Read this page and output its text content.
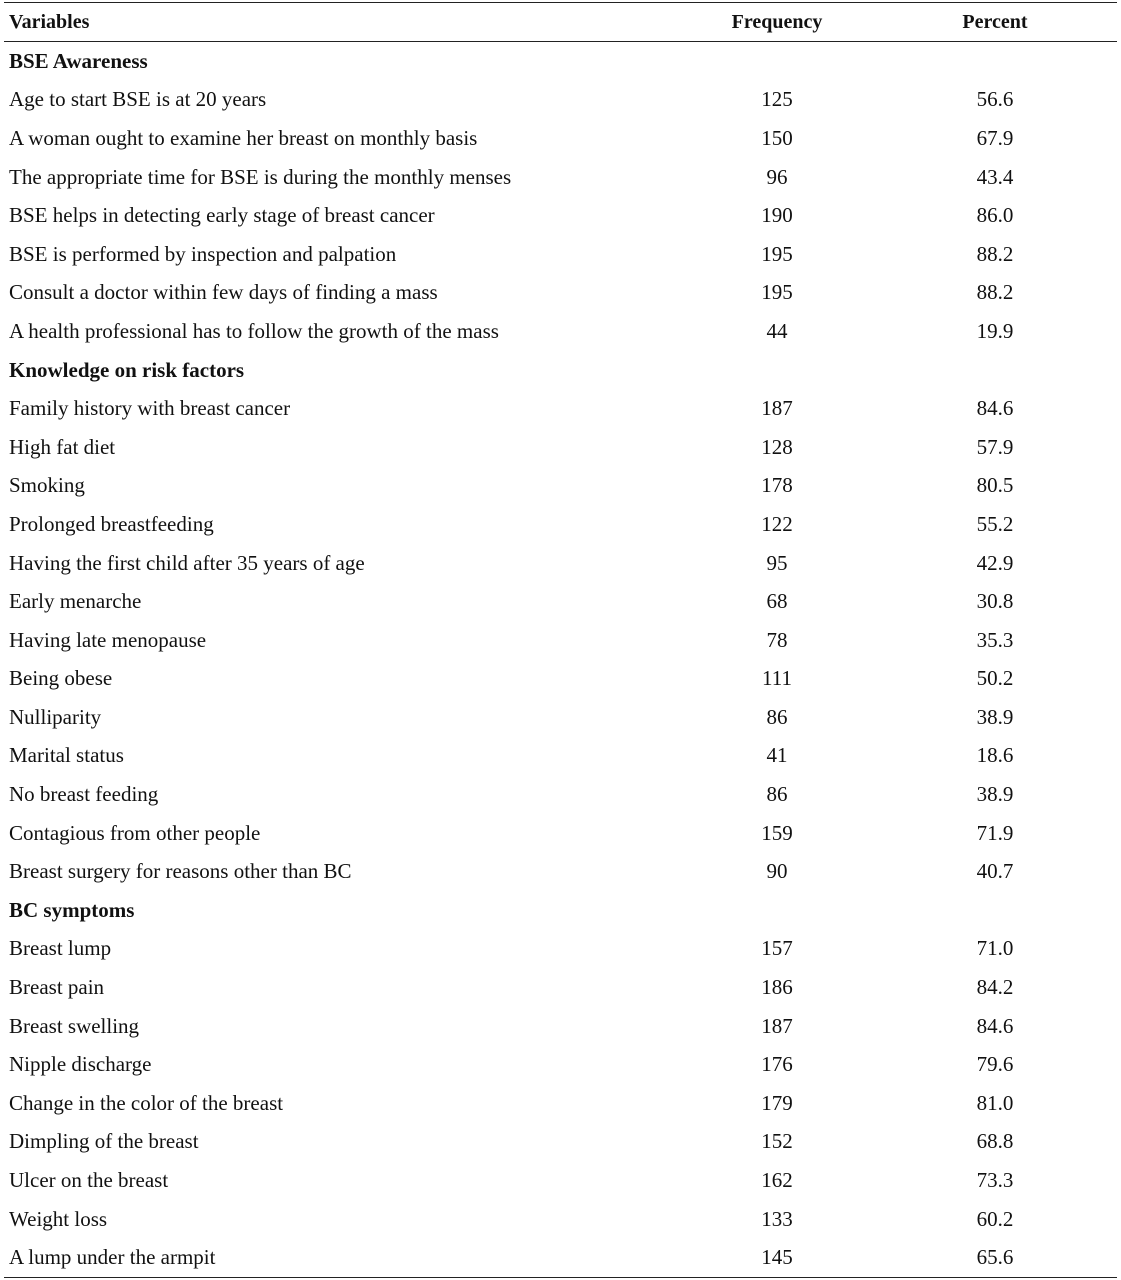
Variables	Frequency	Percent
BSE Awareness
Age to start BSE is at 20 years	125	56.6
A woman ought to examine her breast on monthly basis	150	67.9
The appropriate time for BSE is during the monthly menses	96	43.4
BSE helps in detecting early stage of breast cancer	190	86.0
BSE is performed by inspection and palpation	195	88.2
Consult a doctor within few days of finding a mass	195	88.2
A health professional has to follow the growth of the mass	44	19.9
Knowledge on risk factors
Family history with breast cancer	187	84.6
High fat diet	128	57.9
Smoking	178	80.5
Prolonged breastfeeding	122	55.2
Having the first child after 35 years of age	95	42.9
Early menarche	68	30.8
Having late menopause	78	35.3
Being obese	111	50.2
Nulliparity	86	38.9
Marital status	41	18.6
No breast feeding	86	38.9
Contagious from other people	159	71.9
Breast surgery for reasons other than BC	90	40.7
BC symptoms
Breast lump	157	71.0
Breast pain	186	84.2
Breast swelling	187	84.6
Nipple discharge	176	79.6
Change in the color of the breast	179	81.0
Dimpling of the breast	152	68.8
Ulcer on the breast	162	73.3
Weight loss	133	60.2
A lump under the armpit	145	65.6
